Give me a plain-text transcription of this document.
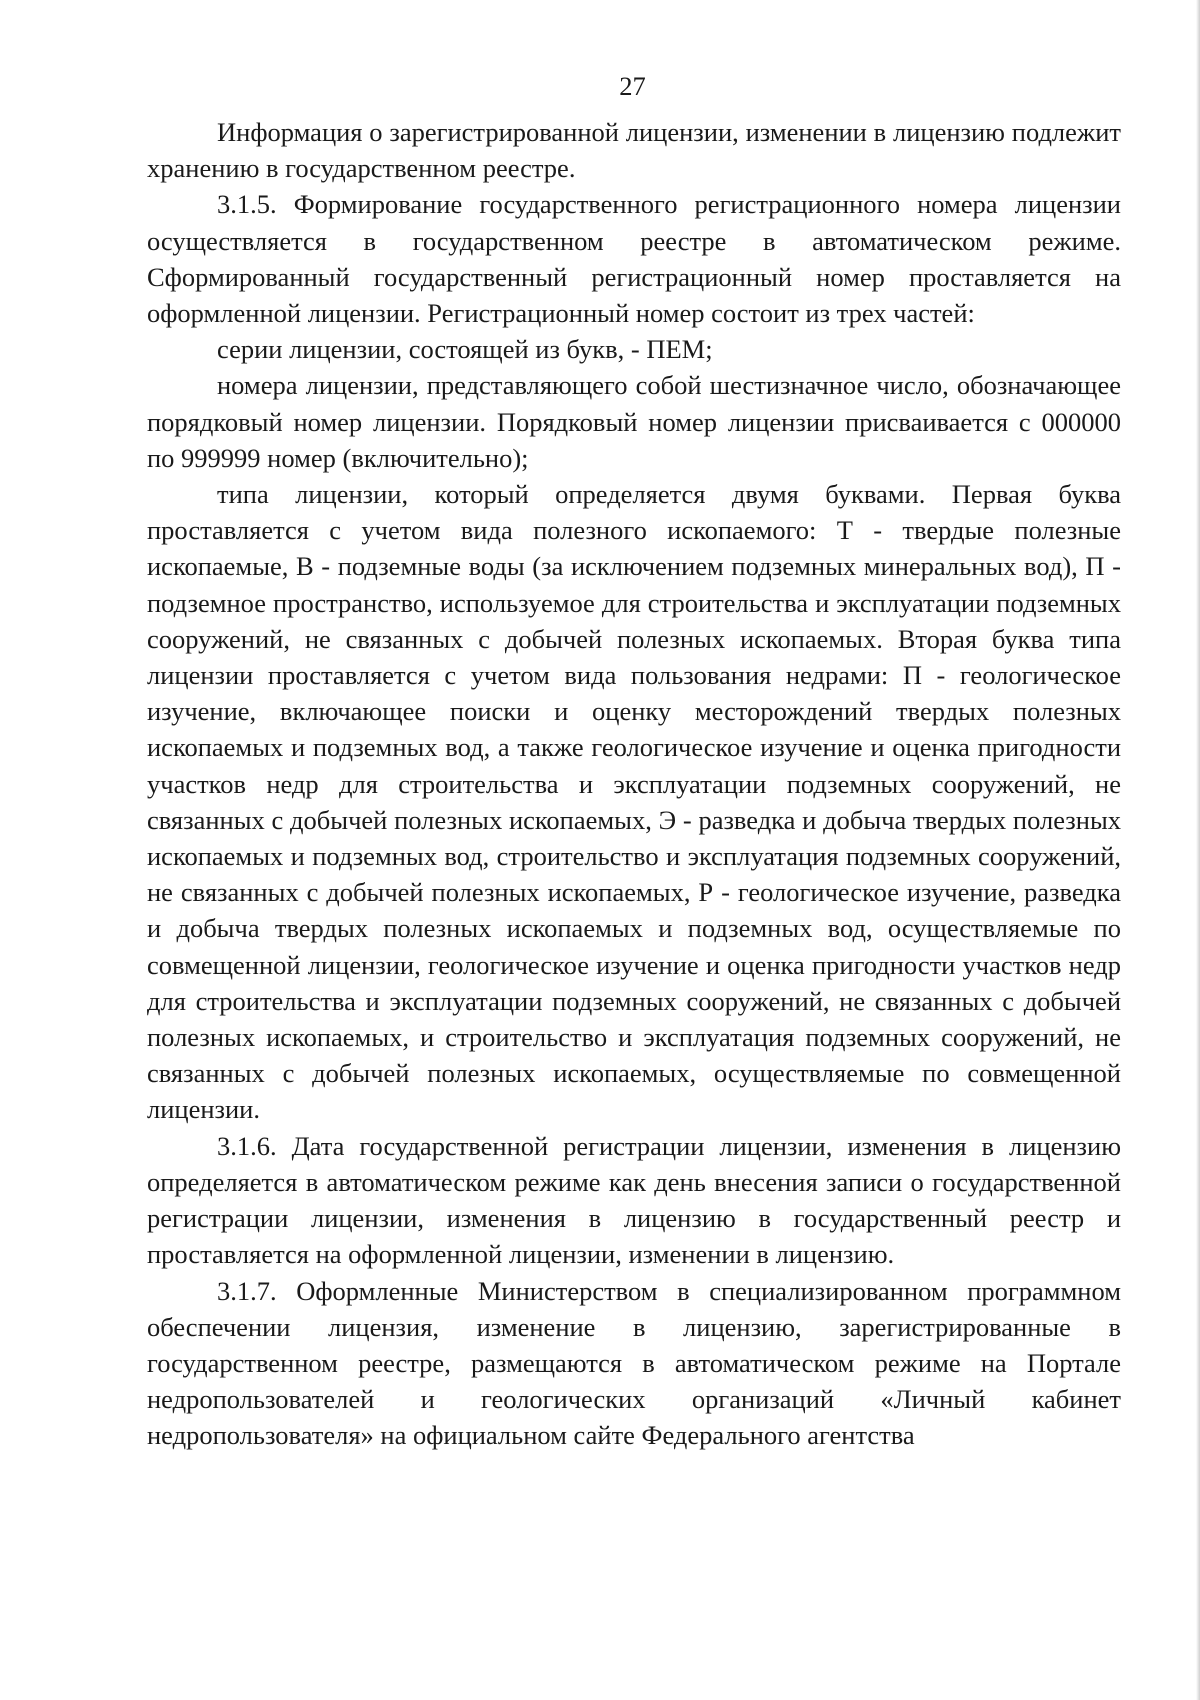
27

Информация о зарегистрированной лицензии, изменении в лицензию подлежит хранению в государственном реестре.

3.1.5. Формирование государственного регистрационного номера лицензии осуществляется в государственном реестре в автоматическом режиме. Сформированный государственный регистрационный номер проставляется на оформленной лицензии. Регистрационный номер состоит из трех частей:

серии лицензии, состоящей из букв, - ПЕМ;

номера лицензии, представляющего собой шестизначное число, обозначающее порядковый номер лицензии. Порядковый номер лицензии присваивается с 000000 по 999999 номер (включительно);

типа лицензии, который определяется двумя буквами. Первая буква проставляется с учетом вида полезного ископаемого: Т - твердые полезные ископаемые, В - подземные воды (за исключением подземных минеральных вод), П - подземное пространство, используемое для строительства и эксплуатации подземных сооружений, не связанных с добычей полезных ископаемых. Вторая буква типа лицензии проставляется с учетом вида пользования недрами: П - геологическое изучение, включающее поиски и оценку месторождений твердых полезных ископаемых и подземных вод, а также геологическое изучение и оценка пригодности участков недр для строительства и эксплуатации подземных сооружений, не связанных с добычей полезных ископаемых, Э - разведка и добыча твердых полезных ископаемых и подземных вод, строительство и эксплуатация подземных сооружений, не связанных с добычей полезных ископаемых, Р - геологическое изучение, разведка и добыча твердых полезных ископаемых и подземных вод, осуществляемые по совмещенной лицензии, геологическое изучение и оценка пригодности участков недр для строительства и эксплуатации подземных сооружений, не связанных с добычей полезных ископаемых, и строительство и эксплуатация подземных сооружений, не связанных с добычей полезных ископаемых, осуществляемые по совмещенной лицензии.

3.1.6. Дата государственной регистрации лицензии, изменения в лицензию определяется в автоматическом режиме как день внесения записи о государственной регистрации лицензии, изменения в лицензию в государственный реестр и проставляется на оформленной лицензии, изменении в лицензию.

3.1.7. Оформленные Министерством в специализированном программном обеспечении лицензия, изменение в лицензию, зарегистрированные в государственном реестре, размещаются в автоматическом режиме на Портале недропользователей и геологических организаций «Личный кабинет недропользователя» на официальном сайте Федерального агентства
